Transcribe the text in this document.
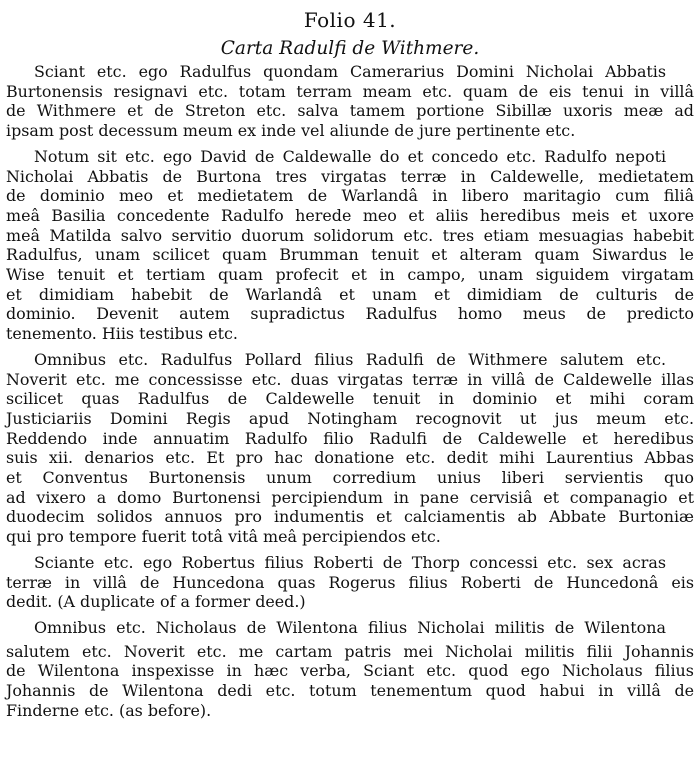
Folio 41.
Carta Radulfi de Withmere.
Sciant etc. ego Radulfus quondam Camerarius Domini Nicholai Abbatis
Burtonensis resignavi etc. totam terram meam etc. quam de eis tenui in villâ
de Withmere et de Streton etc. salva tamem portione Sibillæ uxoris meæ ad
ipsam post decessum meum ex inde vel aliunde de jure pertinente etc.
Notum sit etc. ego David de Caldewalle do et concedo etc. Radulfo nepoti
Nicholai Abbatis de Burtona tres virgatas terræ in Caldewelle, medietatem
de dominio meo et medietatem de Warlandâ in libero maritagio cum filiâ
meâ Basilia concedente Radulfo herede meo et aliis heredibus meis et uxore
meâ Matilda salvo servitio duorum solidorum etc. tres etiam mesuagias habebit
Radulfus, unam scilicet quam Brumman tenuit et alteram quam Siwardus le
Wise tenuit et tertiam quam profecit et in campo, unam siguidem virgatam
et dimidiam habebit de Warlandâ et unam et dimidiam de culturis de
dominio. Devenit autem supradictus Radulfus homo meus de predicto
tenemento. Hiis testibus etc.
Omnibus etc. Radulfus Pollard filius Radulfi de Withmere salutem etc.
Noverit etc. me concessisse etc. duas virgatas terræ in villâ de Caldewelle illas
scilicet quas Radulfus de Caldewelle tenuit in dominio et mihi coram
Justiciariis Domini Regis apud Notingham recognovit ut jus meum etc.
Reddendo inde annuatim Radulfo filio Radulfi de Caldewelle et heredibus
suis xii. denarios etc. Et pro hac donatione etc. dedit mihi Laurentius Abbas
et Conventus Burtonensis unum corredium unius liberi servientis quo
ad vixero a domo Burtonensi percipiendum in pane cervisiâ et companagio et
duodecim solidos annuos pro indumentis et calciamentis ab Abbate Burtoniæ
qui pro tempore fuerit totâ vitâ meâ percipiendos etc.
Sciante etc. ego Robertus filius Roberti de Thorp concessi etc. sex acras
terræ in villâ de Huncedona quas Rogerus filius Roberti de Huncedonâ eis
dedit. (A duplicate of a former deed.)
Omnibus etc. Nicholaus de Wilentona filius Nicholai militis de Wilentona
salutem etc. Noverit etc. me cartam patris mei Nicholai militis filii Johannis
de Wilentona inspexisse in hæc verba, Sciant etc. quod ego Nicholaus filius
Johannis de Wilentona dedi etc. totum tenementum quod habui in villâ de
Finderne etc. (as before).
